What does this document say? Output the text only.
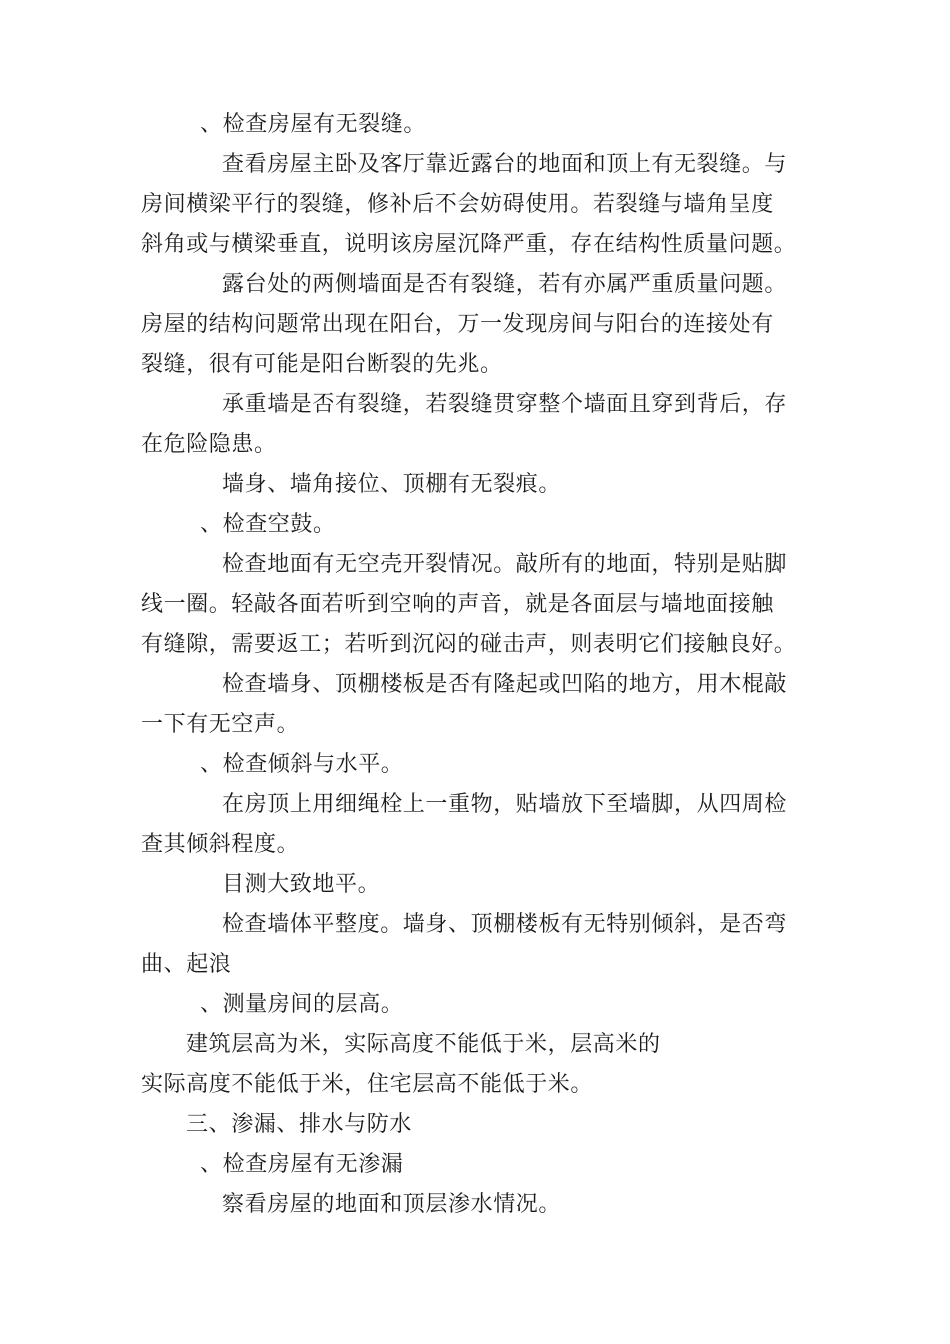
、检查房屋有无裂缝。
查看房屋主卧及客厅靠近露台的地面和顶上有无裂缝。与
房间横梁平行的裂缝，修补后不会妨碍使用。若裂缝与墙角呈度
斜角或与横梁垂直，说明该房屋沉降严重，存在结构性质量问题。
露台处的两侧墙面是否有裂缝，若有亦属严重质量问题。
房屋的结构问题常出现在阳台，万一发现房间与阳台的连接处有
裂缝，很有可能是阳台断裂的先兆。
承重墙是否有裂缝，若裂缝贯穿整个墙面且穿到背后，存
在危险隐患。
墙身、墙角接位、顶棚有无裂痕。
、检查空鼓。
检查地面有无空壳开裂情况。敲所有的地面，特别是贴脚
线一圈。轻敲各面若听到空响的声音，就是各面层与墙地面接触
有缝隙，需要返工；若听到沉闷的碰击声，则表明它们接触良好。
检查墙身、顶棚楼板是否有隆起或凹陷的地方，用木棍敲
一下有无空声。
、检查倾斜与水平。
在房顶上用细绳栓上一重物，贴墙放下至墙脚，从四周检
查其倾斜程度。
目测大致地平。
检查墙体平整度。墙身、顶棚楼板有无特别倾斜，是否弯
曲、起浪
、测量房间的层高。
建筑层高为米，实际高度不能低于米，层高米的
实际高度不能低于米，住宅层高不能低于米。
三、渗漏、排水与防水
、检查房屋有无渗漏
察看房屋的地面和顶层渗水情况。
